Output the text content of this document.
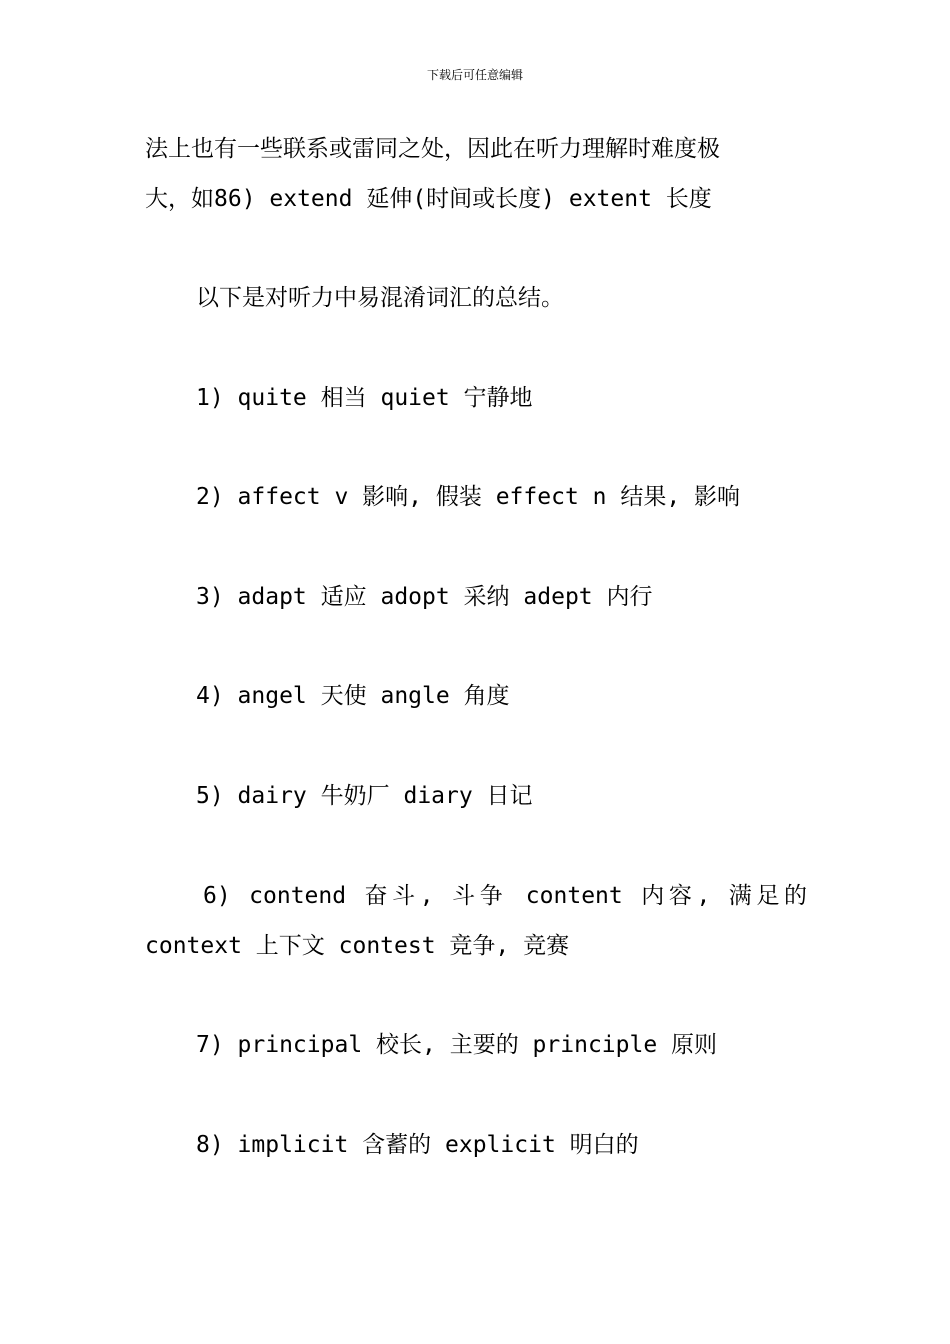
下载后可任意编辑
法上也有一些联系或雷同之处，因此在听力理解时难度极
大，如86) extend 延伸(时间或长度) extent 长度
以下是对听力中易混淆词汇的总结。
1) quite 相当 quiet 宁静地
2) affect v 影响, 假装 effect n 结果, 影响
3) adapt 适应 adopt 采纳 adept 内行
4) angel 天使 angle 角度
5) dairy 牛奶厂 diary 日记
6) contend 奋斗, 斗争 content 内容, 满足的
context 上下文 contest 竞争, 竞赛
7) principal 校长, 主要的 principle 原则
8) implicit 含蓄的 explicit 明白的
